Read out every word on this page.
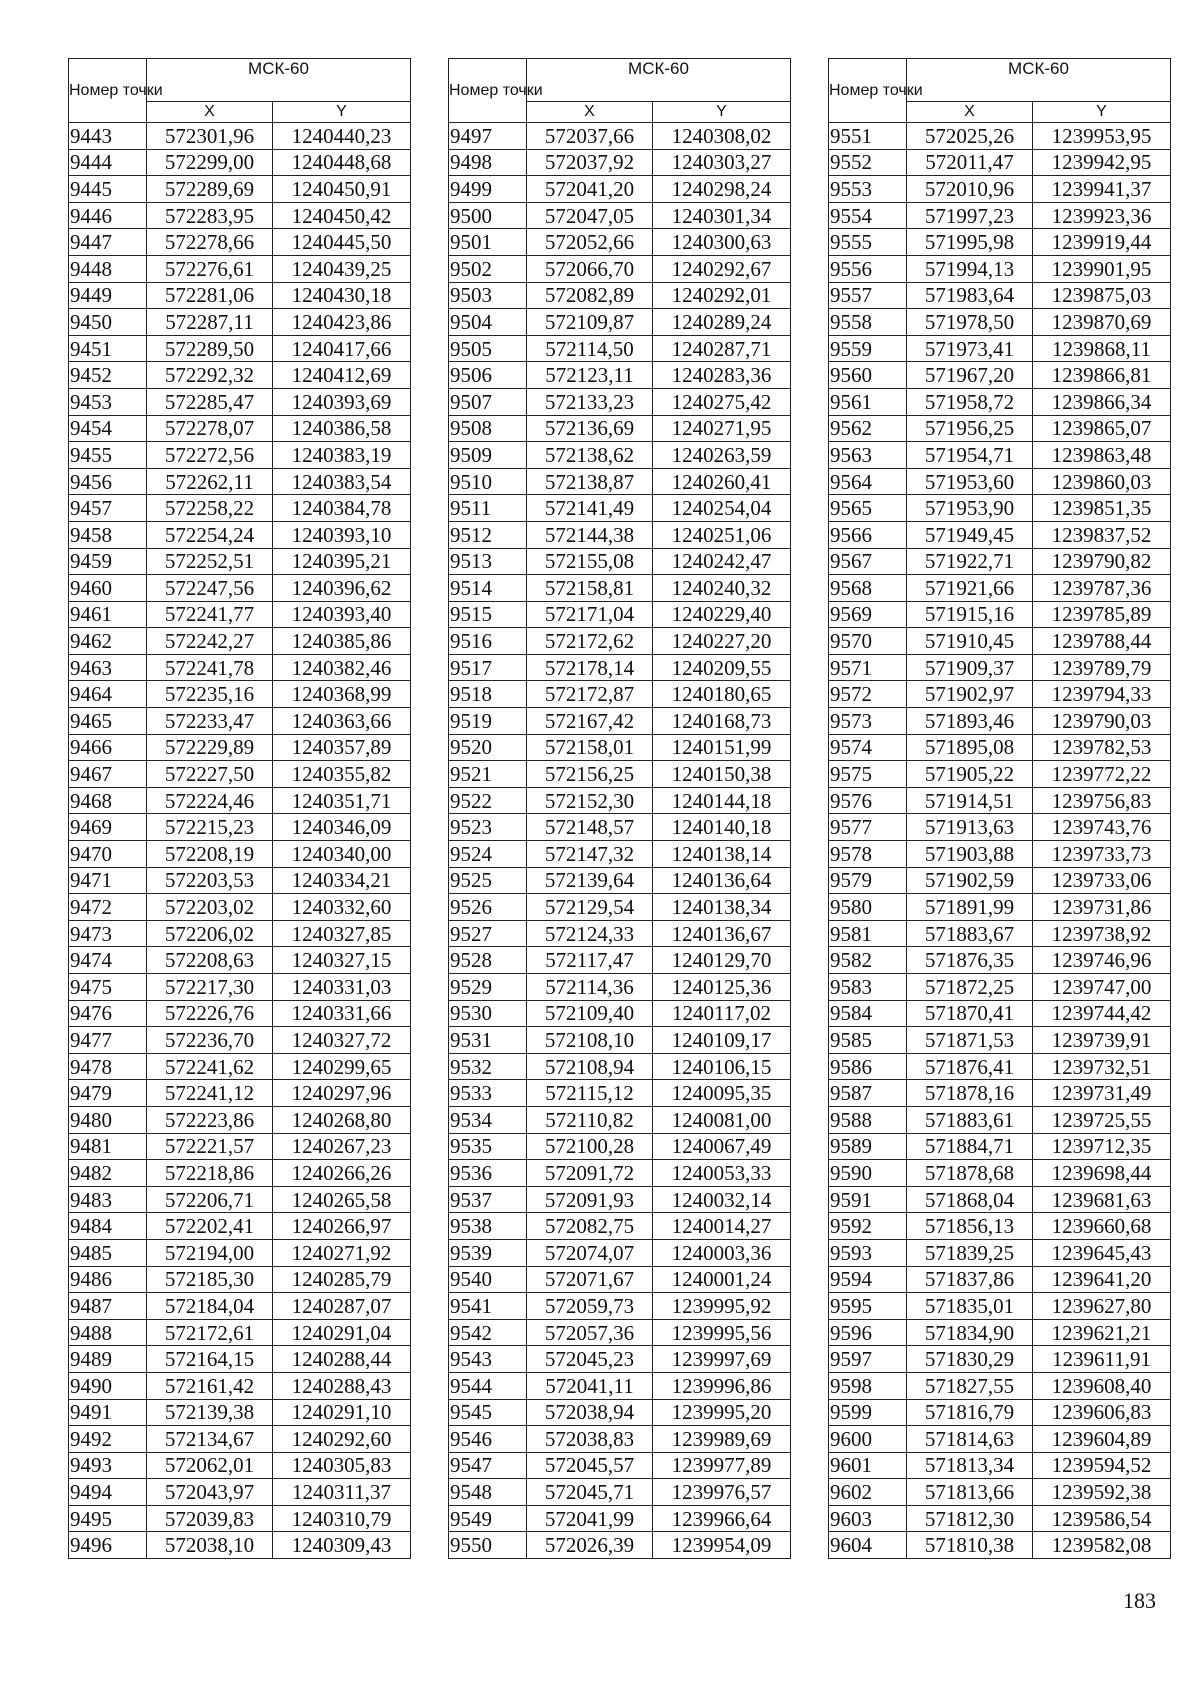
Номер точки	МСК-60	
	X	Y
9443	572301,96	1240440,23
9444	572299,00	1240448,68
9445	572289,69	1240450,91
9446	572283,95	1240450,42
9447	572278,66	1240445,50
9448	572276,61	1240439,25
9449	572281,06	1240430,18
9450	572287,11	1240423,86
9451	572289,50	1240417,66
9452	572292,32	1240412,69
9453	572285,47	1240393,69
9454	572278,07	1240386,58
9455	572272,56	1240383,19
9456	572262,11	1240383,54
9457	572258,22	1240384,78
9458	572254,24	1240393,10
9459	572252,51	1240395,21
9460	572247,56	1240396,62
9461	572241,77	1240393,40
9462	572242,27	1240385,86
9463	572241,78	1240382,46
9464	572235,16	1240368,99
9465	572233,47	1240363,66
9466	572229,89	1240357,89
9467	572227,50	1240355,82
9468	572224,46	1240351,71
9469	572215,23	1240346,09
9470	572208,19	1240340,00
9471	572203,53	1240334,21
9472	572203,02	1240332,60
9473	572206,02	1240327,85
9474	572208,63	1240327,15
9475	572217,30	1240331,03
9476	572226,76	1240331,66
9477	572236,70	1240327,72
9478	572241,62	1240299,65
9479	572241,12	1240297,96
9480	572223,86	1240268,80
9481	572221,57	1240267,23
9482	572218,86	1240266,26
9483	572206,71	1240265,58
9484	572202,41	1240266,97
9485	572194,00	1240271,92
9486	572185,30	1240285,79
9487	572184,04	1240287,07
9488	572172,61	1240291,04
9489	572164,15	1240288,44
9490	572161,42	1240288,43
9491	572139,38	1240291,10
9492	572134,67	1240292,60
9493	572062,01	1240305,83
9494	572043,97	1240311,37
9495	572039,83	1240310,79
9496	572038,10	1240309,43
Номер точки	МСК-60	
	X	Y
9497	572037,66	1240308,02
9498	572037,92	1240303,27
9499	572041,20	1240298,24
9500	572047,05	1240301,34
9501	572052,66	1240300,63
9502	572066,70	1240292,67
9503	572082,89	1240292,01
9504	572109,87	1240289,24
9505	572114,50	1240287,71
9506	572123,11	1240283,36
9507	572133,23	1240275,42
9508	572136,69	1240271,95
9509	572138,62	1240263,59
9510	572138,87	1240260,41
9511	572141,49	1240254,04
9512	572144,38	1240251,06
9513	572155,08	1240242,47
9514	572158,81	1240240,32
9515	572171,04	1240229,40
9516	572172,62	1240227,20
9517	572178,14	1240209,55
9518	572172,87	1240180,65
9519	572167,42	1240168,73
9520	572158,01	1240151,99
9521	572156,25	1240150,38
9522	572152,30	1240144,18
9523	572148,57	1240140,18
9524	572147,32	1240138,14
9525	572139,64	1240136,64
9526	572129,54	1240138,34
9527	572124,33	1240136,67
9528	572117,47	1240129,70
9529	572114,36	1240125,36
9530	572109,40	1240117,02
9531	572108,10	1240109,17
9532	572108,94	1240106,15
9533	572115,12	1240095,35
9534	572110,82	1240081,00
9535	572100,28	1240067,49
9536	572091,72	1240053,33
9537	572091,93	1240032,14
9538	572082,75	1240014,27
9539	572074,07	1240003,36
9540	572071,67	1240001,24
9541	572059,73	1239995,92
9542	572057,36	1239995,56
9543	572045,23	1239997,69
9544	572041,11	1239996,86
9545	572038,94	1239995,20
9546	572038,83	1239989,69
9547	572045,57	1239977,89
9548	572045,71	1239976,57
9549	572041,99	1239966,64
9550	572026,39	1239954,09
Номер точки	МСК-60	
	X	Y
9551	572025,26	1239953,95
9552	572011,47	1239942,95
9553	572010,96	1239941,37
9554	571997,23	1239923,36
9555	571995,98	1239919,44
9556	571994,13	1239901,95
9557	571983,64	1239875,03
9558	571978,50	1239870,69
9559	571973,41	1239868,11
9560	571967,20	1239866,81
9561	571958,72	1239866,34
9562	571956,25	1239865,07
9563	571954,71	1239863,48
9564	571953,60	1239860,03
9565	571953,90	1239851,35
9566	571949,45	1239837,52
9567	571922,71	1239790,82
9568	571921,66	1239787,36
9569	571915,16	1239785,89
9570	571910,45	1239788,44
9571	571909,37	1239789,79
9572	571902,97	1239794,33
9573	571893,46	1239790,03
9574	571895,08	1239782,53
9575	571905,22	1239772,22
9576	571914,51	1239756,83
9577	571913,63	1239743,76
9578	571903,88	1239733,73
9579	571902,59	1239733,06
9580	571891,99	1239731,86
9581	571883,67	1239738,92
9582	571876,35	1239746,96
9583	571872,25	1239747,00
9584	571870,41	1239744,42
9585	571871,53	1239739,91
9586	571876,41	1239732,51
9587	571878,16	1239731,49
9588	571883,61	1239725,55
9589	571884,71	1239712,35
9590	571878,68	1239698,44
9591	571868,04	1239681,63
9592	571856,13	1239660,68
9593	571839,25	1239645,43
9594	571837,86	1239641,20
9595	571835,01	1239627,80
9596	571834,90	1239621,21
9597	571830,29	1239611,91
9598	571827,55	1239608,40
9599	571816,79	1239606,83
9600	571814,63	1239604,89
9601	571813,34	1239594,52
9602	571813,66	1239592,38
9603	571812,30	1239586,54
9604	571810,38	1239582,08
183
